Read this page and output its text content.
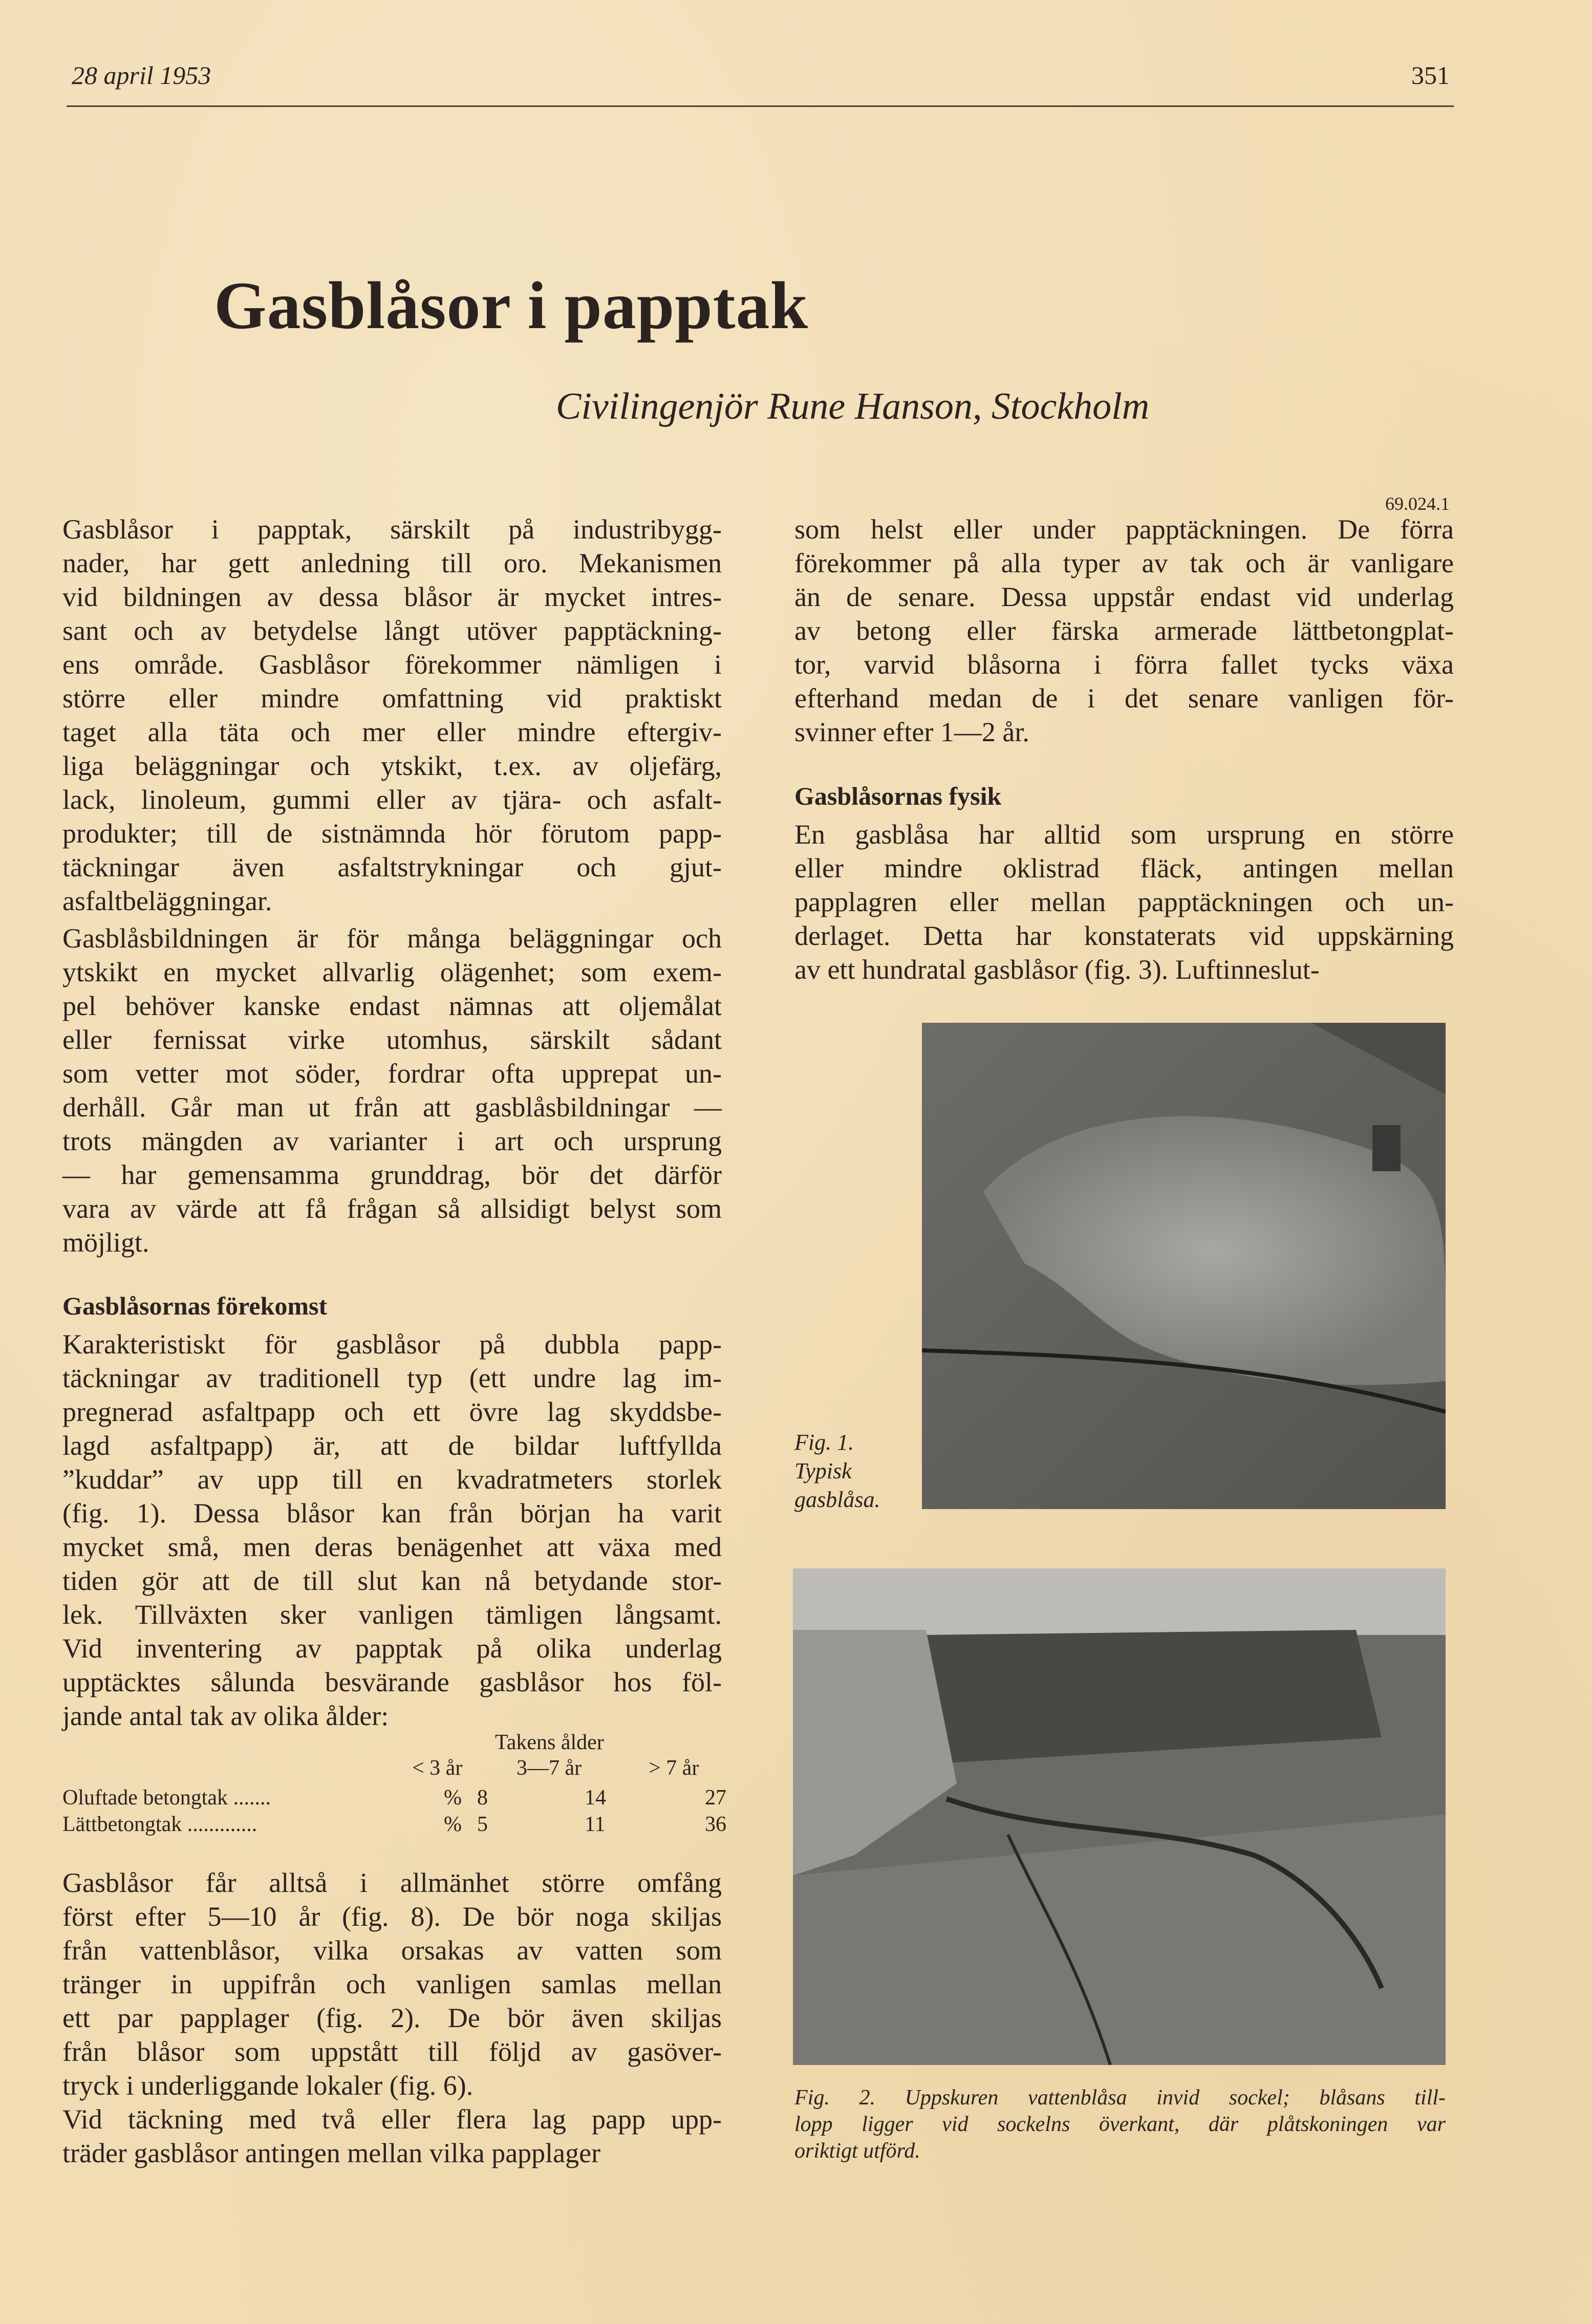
28 april 1953	351
Gasblåsor i papptak
Civilingenjör Rune Hanson, Stockholm
69.024.1
Gasblåsor i papptak, särskilt på industribygg-
nader, har gett anledning till oro. Mekanismen
vid bildningen av dessa blåsor är mycket intres-
sant och av betydelse långt utöver papptäckning-
ens område. Gasblåsor förekommer nämligen i
större eller mindre omfattning vid praktiskt
taget alla täta och mer eller mindre eftergiv-
liga beläggningar och ytskikt, t.ex. av oljefärg,
lack, linoleum, gummi eller av tjära- och asfalt-
produkter; till de sistnämnda hör förutom papp-
täckningar även asfaltstrykningar och gjut-
asfaltbeläggningar.
Gasblåsbildningen är för många beläggningar och
ytskikt en mycket allvarlig olägenhet; som exem-
pel behöver kanske endast nämnas att oljemålat
eller fernissat virke utomhus, särskilt sådant
som vetter mot söder, fordrar ofta upprepat un-
derhåll. Går man ut från att gasblåsbildningar —
trots mängden av varianter i art och ursprung
— har gemensamma grunddrag, bör det därför
vara av värde att få frågan så allsidigt belyst som
möjligt.
Gasblåsornas förekomst
Karakteristiskt för gasblåsor på dubbla papp-
täckningar av traditionell typ (ett undre lag im-
pregnerad asfaltpapp och ett övre lag skyddsbe-
lagd asfaltpapp) är, att de bildar luftfyllda
”kuddar” av upp till en kvadratmeters storlek
(fig. 1). Dessa blåsor kan från början ha varit
mycket små, men deras benägenhet att växa med
tiden gör att de till slut kan nå betydande stor-
lek. Tillväxten sker vanligen tämligen långsamt.
Vid inventering av papptak på olika underlag
upptäcktes sålunda besvärande gasblåsor hos föl-
jande antal tak av olika ålder:
Takens ålder
< 3 år	3—7 år	> 7 år
Oluftade betongtak .......	% 8	14	27
Lättbetongtak .............	% 5	11	36
Gasblåsor får alltså i allmänhet större omfång
först efter 5—10 år (fig. 8). De bör noga skiljas
från vattenblåsor, vilka orsakas av vatten som
tränger in uppifrån och vanligen samlas mellan
ett par papplager (fig. 2). De bör även skiljas
från blåsor som uppstått till följd av gasöver-
tryck i underliggande lokaler (fig. 6).
Vid täckning med två eller flera lag papp upp-
träder gasblåsor antingen mellan vilka papplager
som helst eller under papptäckningen. De förra
förekommer på alla typer av tak och är vanligare
än de senare. Dessa uppstår endast vid underlag
av betong eller färska armerade lättbetongplat-
tor, varvid blåsorna i förra fallet tycks växa
efterhand medan de i det senare vanligen för-
svinner efter 1—2 år.
Gasblåsornas fysik
En gasblåsa har alltid som ursprung en större
eller mindre oklistrad fläck, antingen mellan
papplagren eller mellan papptäckningen och un-
derlaget. Detta har konstaterats vid uppskärning
av ett hundratal gasblåsor (fig. 3). Luftinneslut-
Fig. 1.
Typisk
gasblåsa.
Fig. 2. Uppskuren vattenblåsa invid sockel; blåsans till-
lopp ligger vid sockelns överkant, där plåtskoningen var
oriktigt utförd.
